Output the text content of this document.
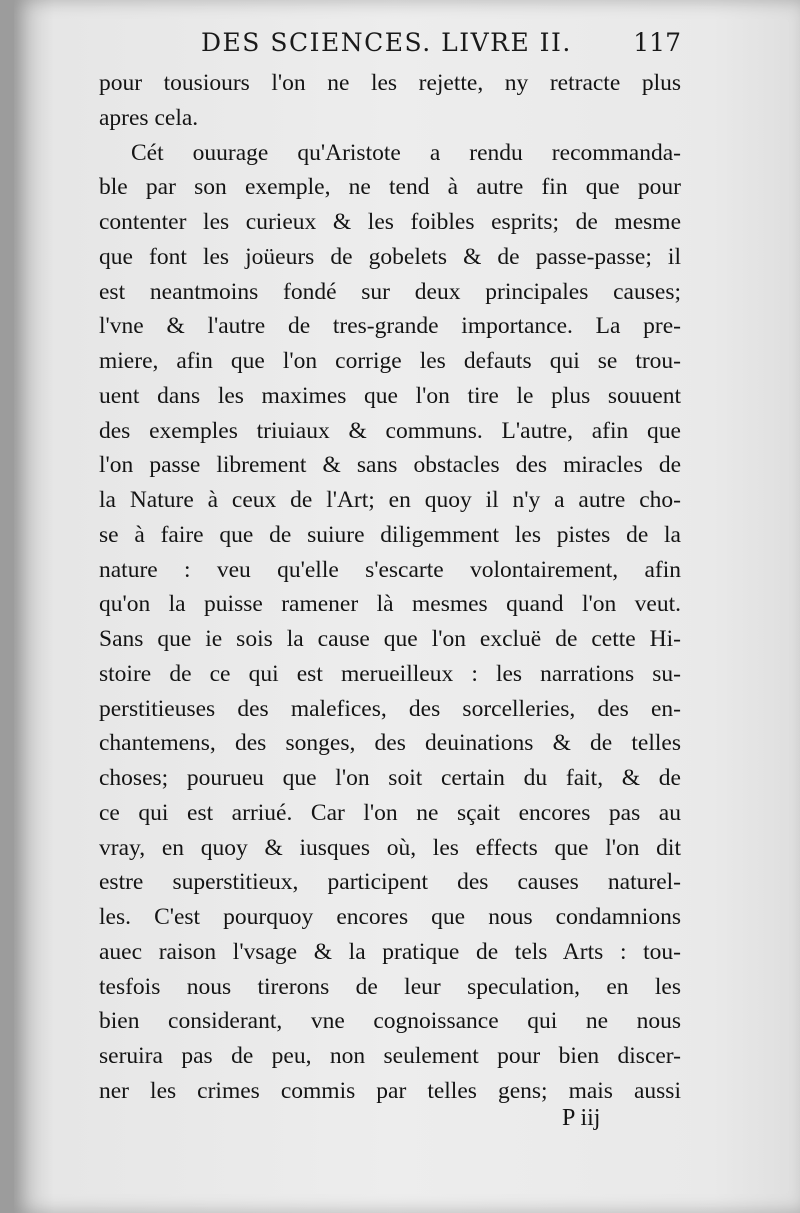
DES SCIENCES. LIVRE II. 117
pour tousiours l'on ne les rejette, ny retracte plus
apres cela.
Cét ouurage qu'Aristote a rendu recommanda-
ble par son exemple, ne tend à autre fin que pour
contenter les curieux & les foibles esprits; de mesme
que font les joüeurs de gobelets & de passe-passe; il
est neantmoins fondé sur deux principales causes;
l'vne & l'autre de tres-grande importance. La pre-
miere, afin que l'on corrige les defauts qui se trou-
uent dans les maximes que l'on tire le plus souuent
des exemples triuiaux & communs. L'autre, afin que
l'on passe librement & sans obstacles des miracles de
la Nature à ceux de l'Art; en quoy il n'y a autre cho-
se à faire que de suiure diligemment les pistes de la
nature : veu qu'elle s'escarte volontairement, afin
qu'on la puisse ramener là mesmes quand l'on veut.
Sans que ie sois la cause que l'on excluë de cette Hi-
stoire de ce qui est merueilleux : les narrations su-
perstitieuses des malefices, des sorcelleries, des en-
chantemens, des songes, des deuinations & de telles
choses; pourueu que l'on soit certain du fait, & de
ce qui est arriué. Car l'on ne sçait encores pas au
vray, en quoy & iusques où, les effects que l'on dit
estre superstitieux, participent des causes naturel-
les. C'est pourquoy encores que nous condamnions
auec raison l'vsage & la pratique de tels Arts : tou-
tesfois nous tirerons de leur speculation, en les
bien considerant, vne cognoissance qui ne nous
seruira pas de peu, non seulement pour bien discer-
ner les crimes commis par telles gens; mais aussi
P iij
